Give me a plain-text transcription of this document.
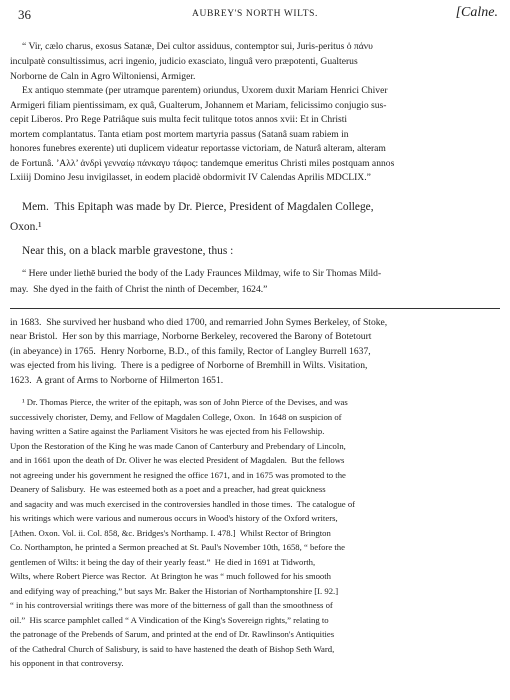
36	AUBREY'S NORTH WILTS.	[Calne.
“ Vir, cælo charus, exosus Satanæ, Dei cultor assiduus, contemptor sui, Juris-peritus ὁ πάνυ
inculpatè consultissimus, acri ingenio, judicio exasciato, linguâ vero præpotenti, Gualterus
Norborne de Caln in Agro Wiltoniensi, Armiger.
Ex antiquo stemmate (per utramque parentem) oriundus, Uxorem duxit Mariam Henrici Chiver
Armigeri filiam pientissimam, ex quâ, Gualterum, Johannem et Mariam, felicissimo conjugio sus-
cepit Liberos. Pro Rege Patriâque suis multa fecit tulitque totos annos xvii: Et in Christi
mortem complantatus. Tanta etiam post mortem martyria passus (Satanâ suam rabiem in
honores funebres exerente) uti duplicem videatur reportasse victoriam, de Naturâ alteram, alteram
de Fortunâ. ’Αλλ’ ἀνδρὶ γενναίῳ πάνκαγυ τάφος: tandemque emeritus Christi miles postquam annos
Lxiiij Domino Jesu invigilasset, in eodem placidè obdormivit IV Calendas Aprilis MDCLIX.”
Mem.  This Epitaph was made by Dr. Pierce, President of Magdalen College,
Oxon.¹
Near this, on a black marble gravestone, thus :
“ Here under liethē buried the body of the Lady Fraunces Mildmay, wife to Sir Thomas Mild-
may.  She dyed in the faith of Christ the ninth of December, 1624.”
in 1683.  She survived her husband who died 1700, and remarried John Symes Berkeley, of Stoke,
near Bristol.  Her son by this marriage, Norborne Berkeley, recovered the Barony of Botetourt
(in abeyance) in 1765.  Henry Norborne, B.D., of this family, Rector of Langley Burrell 1637,
was ejected from his living.  There is a pedigree of Norborne of Bremhill in Wilts. Visitation,
1623.  A grant of Arms to Norborne of Hilmerton 1651.
¹ Dr. Thomas Pierce, the writer of the epitaph, was son of John Pierce of the Devises, and was
successively chorister, Demy, and Fellow of Magdalen College, Oxon.  In 1648 on suspicion of
having written a Satire against the Parliament Visitors he was ejected from his Fellowship.
Upon the Restoration of the King he was made Canon of Canterbury and Prebendary of Lincoln,
and in 1661 upon the death of Dr. Oliver he was elected President of Magdalen.  But the fellows
not agreeing under his government he resigned the office 1671, and in 1675 was promoted to the
Deanery of Salisbury.  He was esteemed both as a poet and a preacher, had great quickness
and sagacity and was much exercised in the controversies handled in those times.  The catalogue of
his writings which were various and numerous occurs in Wood's history of the Oxford writers,
[Athen. Oxon. Vol. ii. Col. 858, &c. Bridges's Northamp. I. 478.]  Whilst Rector of Brington
Co. Northampton, he printed a Sermon preached at St. Paul's November 10th, 1658, “ before the
gentlemen of Wilts: it being the day of their yearly feast.”  He died in 1691 at Tidworth,
Wilts, where Robert Pierce was Rector.  At Brington he was “ much followed for his smooth
and edifying way of preaching,” but says Mr. Baker the Historian of Northamptonshire [I. 92.]
“ in his controversial writings there was more of the bitterness of gall than the smoothness of
oil.”  His scarce pamphlet called “ A Vindication of the King's Sovereign rights,” relating to
the patronage of the Prebends of Sarum, and printed at the end of Dr. Rawlinson's Antiquities
of the Cathedral Church of Salisbury, is said to have hastened the death of Bishop Seth Ward,
his opponent in that controversy.
